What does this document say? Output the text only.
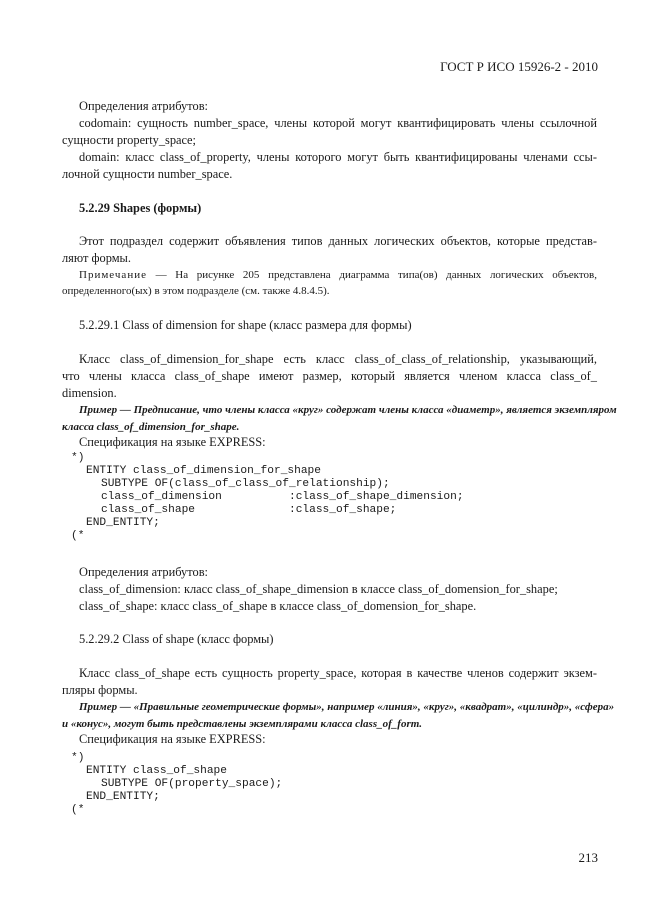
ГОСТ Р ИСО 15926-2 - 2010
Определения атрибутов:
codomain: сущность number_space, члены которой могут квантифицировать члены ссылочной
сущности property_space;
domain: класс class_of_property, члены которого могут быть квантифицированы членами ссы-
лочной сущности number_space.
5.2.29 Shapes (формы)
Этот подраздел содержит объявления типов данных логических объектов, которые представ-
ляют формы.
Примечание — На рисунке 205 представлена диаграмма типа(ов) данных логических объектов,
определенного(ых) в этом подразделе (см. также 4.8.4.5).
5.2.29.1 Class of dimension for shape (класс размера для формы)
Класс class_of_dimension_for_shape есть класс class_of_class_of_relationship, указывающий,
что члены класса class_of_shape имеют размер, который является членом класса class_of_
dimension.
Пример — Предписание, что члены класса «круг» содержат члены класса «диаметр», является экземпляром
класса class_of_dimension_for_shape.
Спецификация на языке EXPRESS:
*)
ENTITY class_of_dimension_for_shape
SUBTYPE OF(class_of_class_of_relationship);
class_of_dimension          :class_of_shape_dimension;
class_of_shape              :class_of_shape;
END_ENTITY;
(*
Определения атрибутов:
class_of_dimension: класс class_of_shape_dimension в классе class_of_domension_for_shape;
class_of_shape: класс class_of_shape в классе class_of_domension_for_shape.
5.2.29.2 Class of shape (класс формы)
Класс class_of_shape есть сущность property_space, которая в качестве членов содержит экзем-
пляры формы.
Пример — «Правильные геометрические формы», например «линия», «круг», «квадрат», «цилиндр», «сфера»
и «конус», могут быть представлены экземплярами класса class_of_form.
Спецификация на языке EXPRESS:
*)
ENTITY class_of_shape
SUBTYPE OF(property_space);
END_ENTITY;
(*
213
